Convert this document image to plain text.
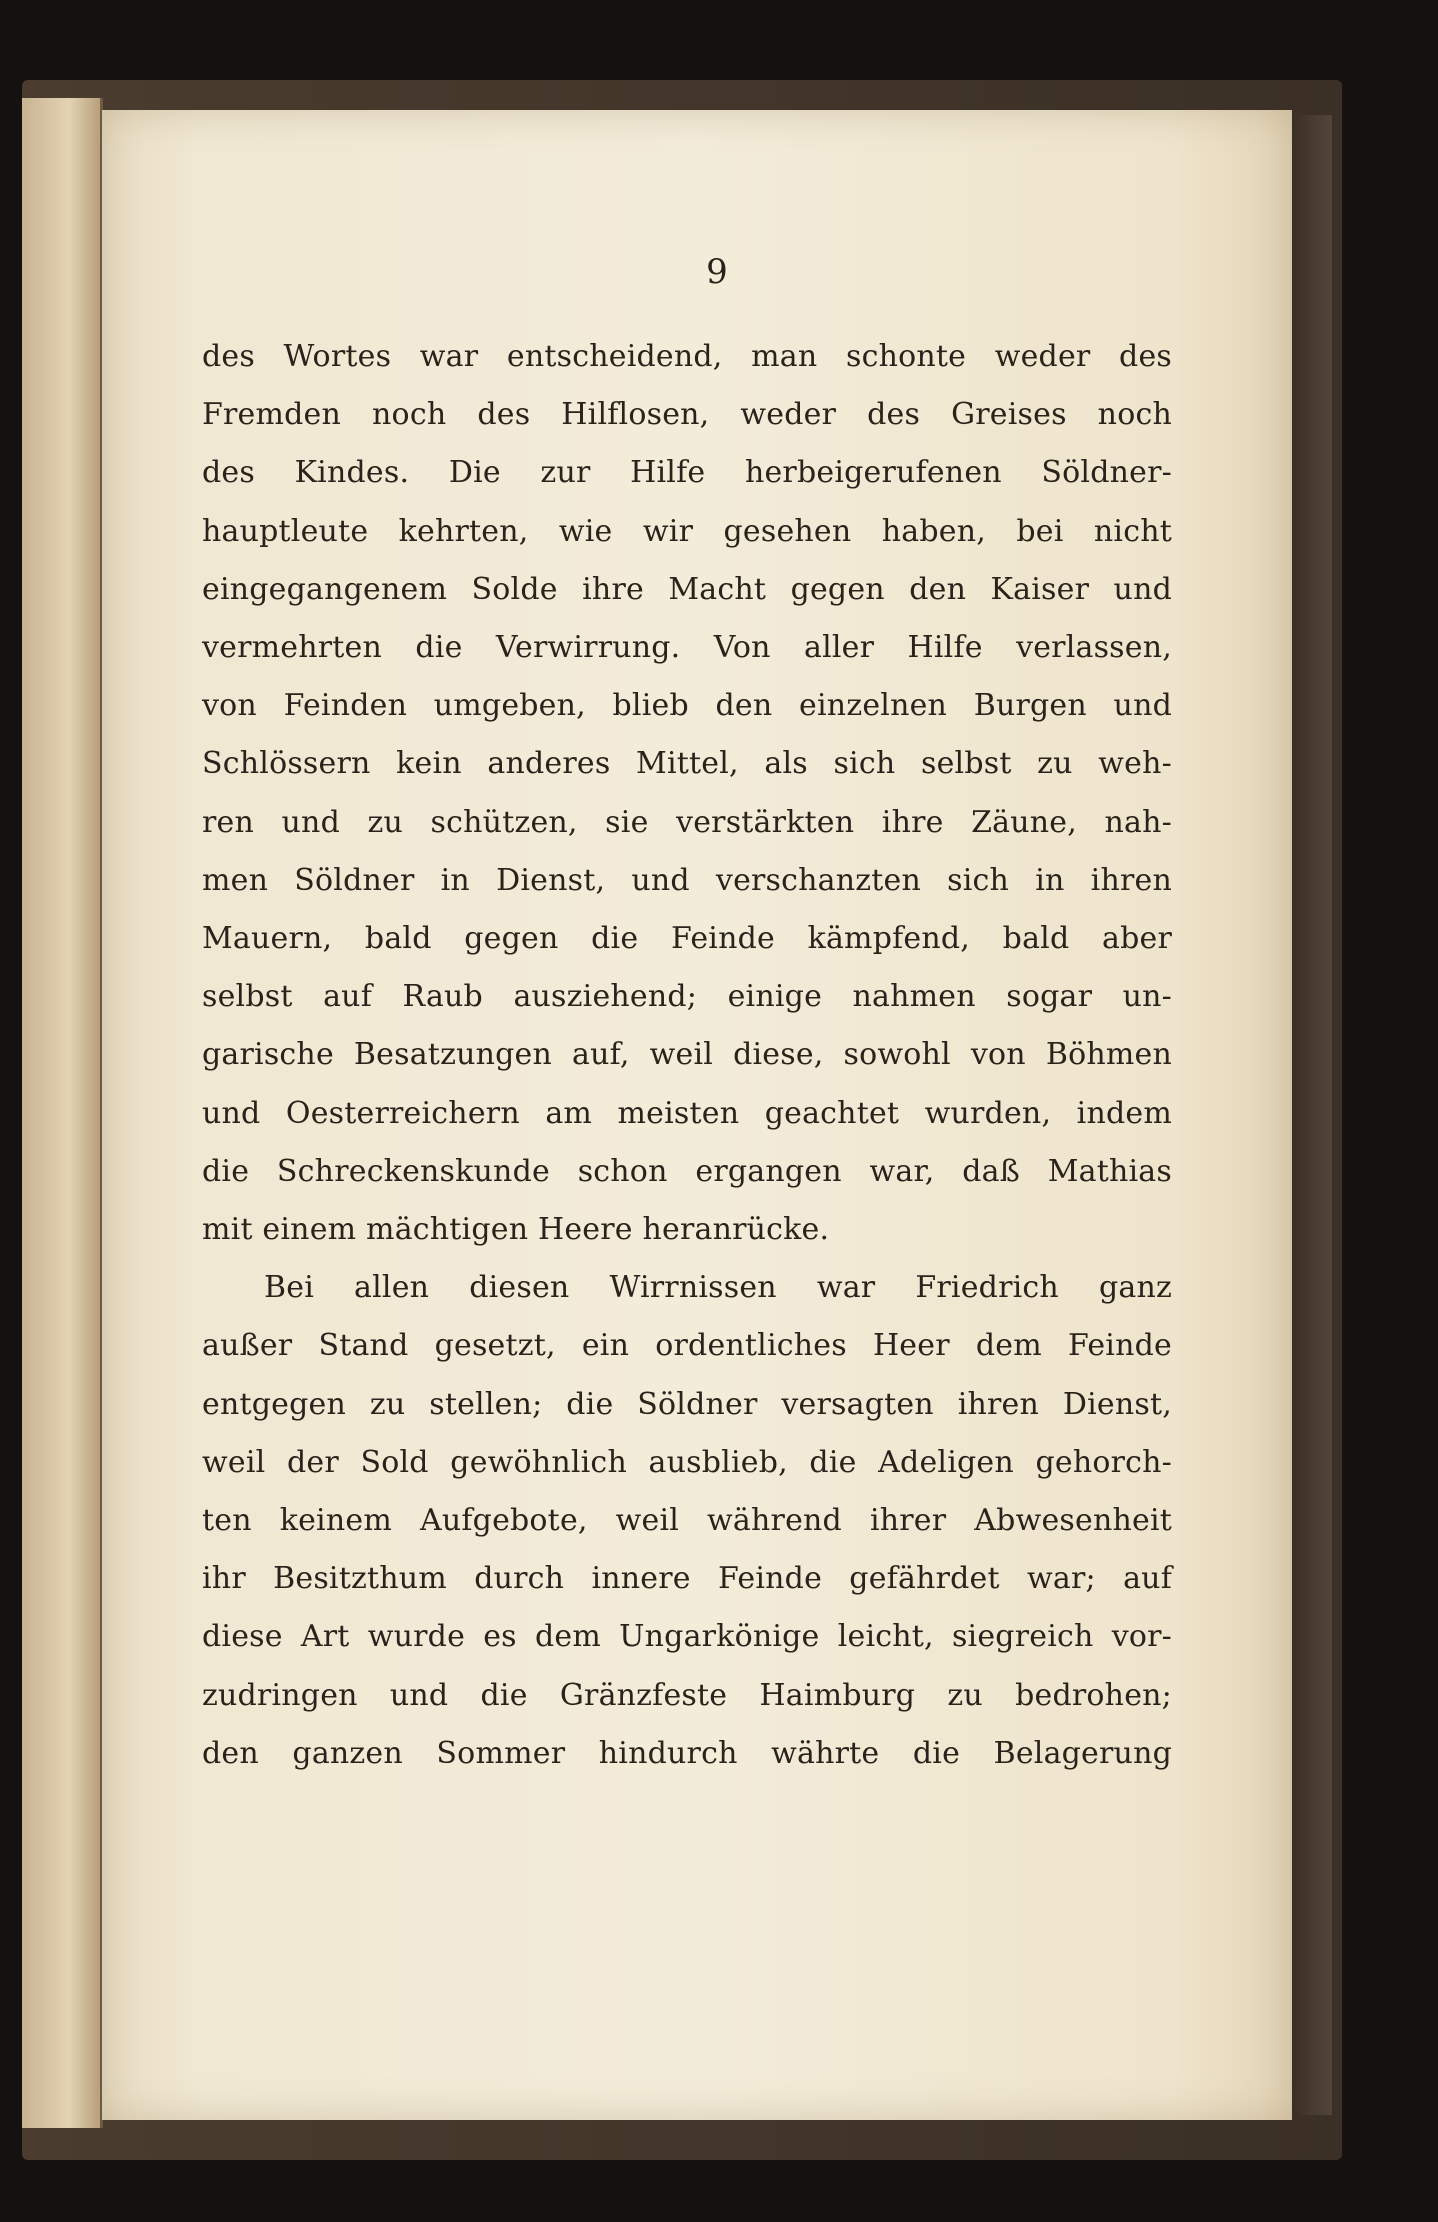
9
des Wortes war entscheidend, man schonte weder des
Fremden noch des Hilflosen, weder des Greises noch
des Kindes. Die zur Hilfe herbeigerufenen Söldner-
hauptleute kehrten, wie wir gesehen haben, bei nicht
eingegangenem Solde ihre Macht gegen den Kaiser und
vermehrten die Verwirrung. Von aller Hilfe verlassen,
von Feinden umgeben, blieb den einzelnen Burgen und
Schlössern kein anderes Mittel, als sich selbst zu weh-
ren und zu schützen, sie verstärkten ihre Zäune, nah-
men Söldner in Dienst, und verschanzten sich in ihren
Mauern, bald gegen die Feinde kämpfend, bald aber
selbst auf Raub ausziehend; einige nahmen sogar un-
garische Besatzungen auf, weil diese, sowohl von Böhmen
und Oesterreichern am meisten geachtet wurden, indem
die Schreckenskunde schon ergangen war, daß Mathias
mit einem mächtigen Heere heranrücke.
Bei allen diesen Wirrnissen war Friedrich ganz
außer Stand gesetzt, ein ordentliches Heer dem Feinde
entgegen zu stellen; die Söldner versagten ihren Dienst,
weil der Sold gewöhnlich ausblieb, die Adeligen gehorch-
ten keinem Aufgebote, weil während ihrer Abwesenheit
ihr Besitzthum durch innere Feinde gefährdet war; auf
diese Art wurde es dem Ungarkönige leicht, siegreich vor-
zudringen und die Gränzfeste Haimburg zu bedrohen;
den ganzen Sommer hindurch währte die Belagerung
